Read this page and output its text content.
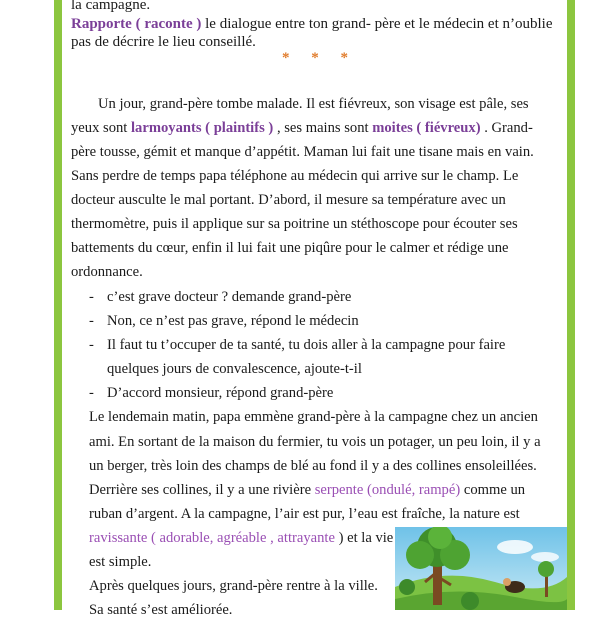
la campagne.
Rapporte ( raconte ) le dialogue entre ton grand- père et le médecin et n’oublie
pas de décrire le lieu conseillé.
* * *
Un jour, grand-père tombe malade. Il est fiévreux, son visage est pâle, ses
yeux sont larmoyants ( plaintifs ) , ses mains sont moites ( fiévreux) . Grand-
père tousse, gémit et manque d’appétit. Maman lui fait une tisane mais en vain.
Sans perdre de temps papa téléphone au médecin qui arrive sur le champ. Le
docteur ausculte le mal portant. D’abord, il mesure sa température avec un
thermomètre, puis il applique sur sa poitrine un stéthoscope pour écouter ses
battements du cœur, enfin il lui fait une piqûre pour le calmer et rédige une
ordonnance.
- c’est grave docteur ? demande grand-père
- Non, ce n’est pas grave, répond le médecin
- Il faut tu t’occuper de ta santé, tu dois aller à la campagne pour faire
quelques jours de convalescence, ajoute-t-il
- D’accord monsieur, répond grand-père
Le lendemain matin, papa emmène grand-père à la campagne chez un ancien
ami. En sortant de la maison du fermier, tu vois un potager, un peu loin, il y a
un berger, très loin des champs de blé au fond il y a des collines ensoleillées.
Derrière ses collines, il y a une rivière serpente (ondulé, rampé) comme un
ruban d’argent. A la campagne, l’air est pur, l’eau est fraîche, la nature est
ravissante ( adorable, agréable , attrayante ) et la vie
est simple.
Après quelques jours, grand-père rentre à la ville.
Sa santé s’est améliorée.
